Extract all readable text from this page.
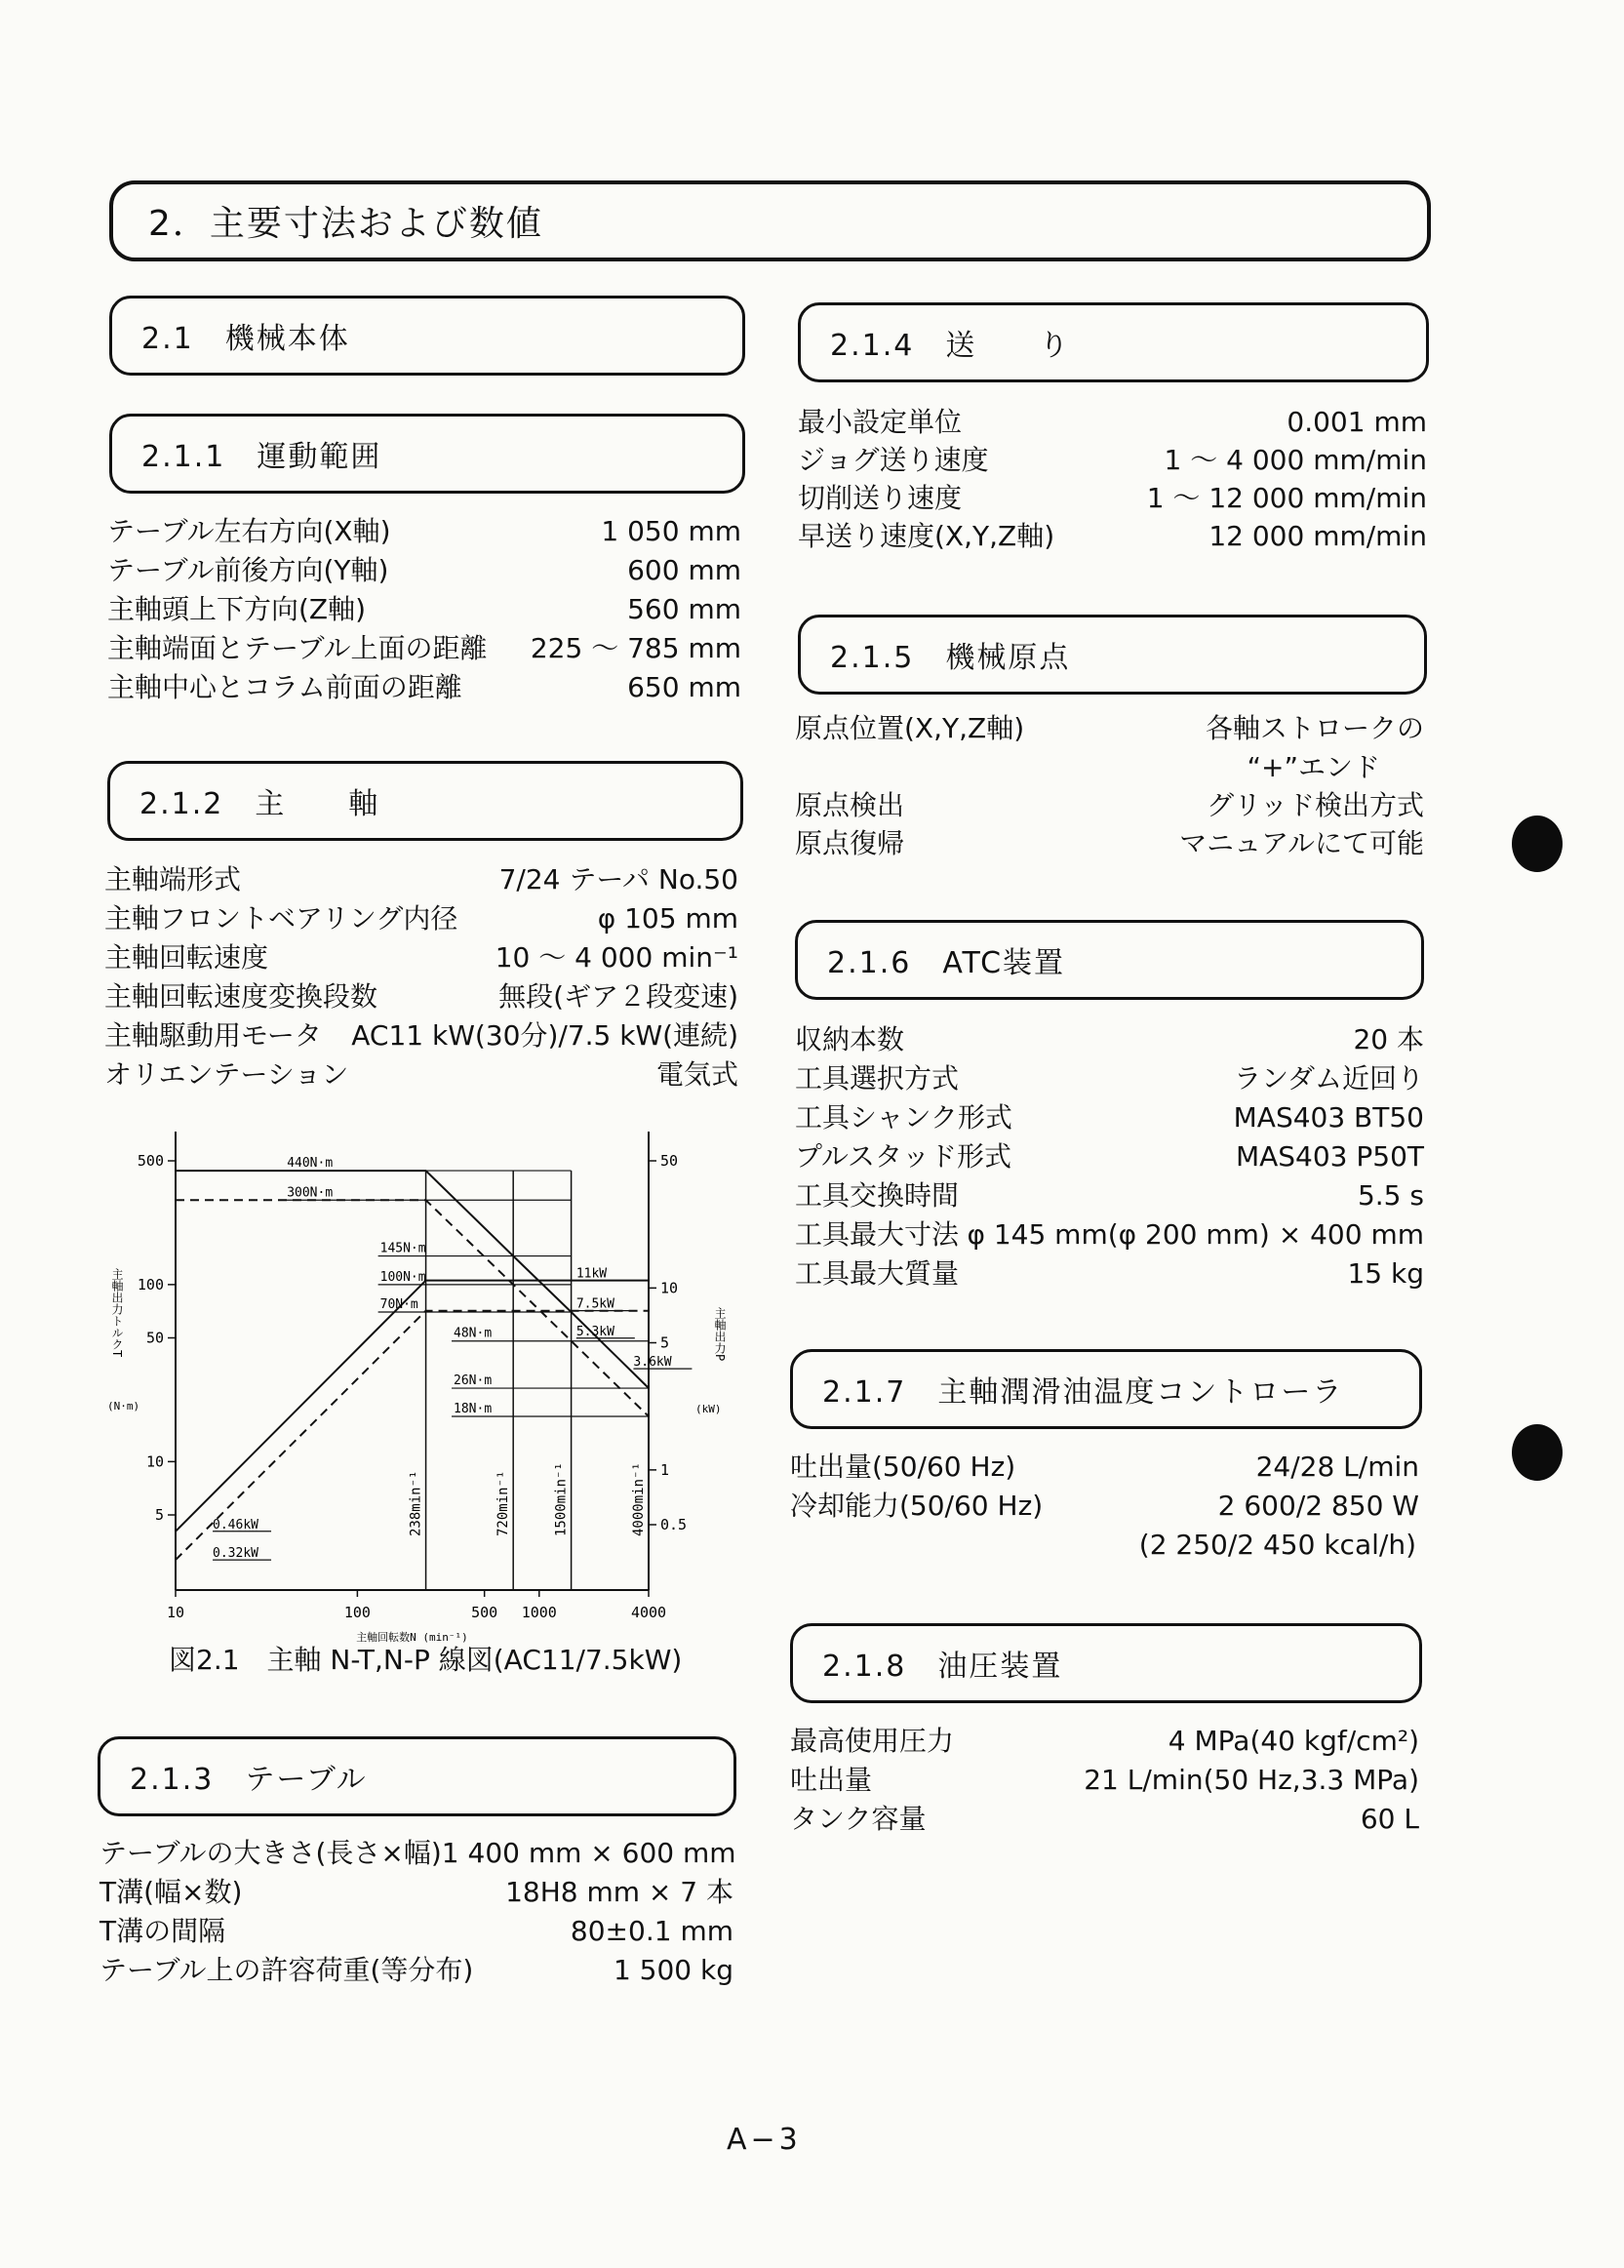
2．主要寸法および数値
2.1　機械本体
2.1.1　運動範囲
テーブル左右方向(X軸)	1 050 mm
テーブル前後方向(Y軸)	600 mm
主軸頭上下方向(Z軸)	560 mm
主軸端面とテーブル上面の距離 225 ～ 785 mm
主軸中心とコラム前面の距離	650 mm
2.1.2　主　　軸
主軸端形式	7/24 テーパ No.50
主軸フロントベアリング内径	φ 105 mm
主軸回転速度	10 ～ 4 000 min⁻¹
主軸回転速度変換段数	無段(ギア２段変速)
主軸駆動用モータ AC11 kW(30分)/7.5 kW(連続)
オリエンテーション	電気式
10	100	500 1000	4000
主軸回転数N (min⁻¹)
500
100
50
10
5
50
10
5
1
0.5
主軸出力トルクT
(N·m)
主軸出力P
(kW)
238min⁻¹	720min⁻¹	1500min⁻¹	4000min⁻¹
440N·m
300N·m
145N·m
100N·m
70N·m
48N·m
26N·m
18N·m
11kW
7.5kW
5.3kW
3.6kW
0.46kW
0.32kW
図2.1　主軸 N-T,N-P 線図(AC11/7.5kW)
2.1.3　テーブル
テーブルの大きさ(長さ×幅) 1 400 mm × 600 mm
T溝(幅×数)	18H8 mm × 7 本
T溝の間隔	80±0.1 mm
テーブル上の許容荷重(等分布)	1 500 kg
2.1.4　送　　り
最小設定単位	0.001 mm
ジョグ送り速度	1 ～ 4 000 mm/min
切削送り速度	1 ～ 12 000 mm/min
早送り速度(X,Y,Z軸)	12 000 mm/min
2.1.5　機械原点
原点位置(X,Y,Z軸)	各軸ストロークの
“+”エンド
原点検出	グリッド検出方式
原点復帰	マニュアルにて可能
2.1.6　ATC装置
収納本数	20 本
工具選択方式	ランダム近回り
工具シャンク形式	MAS403 BT50
プルスタッド形式	MAS403 P50T
工具交換時間	5.5 s
工具最大寸法 φ 145 mm(φ 200 mm) × 400 mm
工具最大質量	15 kg
2.1.7　主軸潤滑油温度コントローラ
吐出量(50/60 Hz)	24/28 L/min
冷却能力(50/60 Hz)	2 600/2 850 W
(2 250/2 450 kcal/h)
2.1.8　油圧装置
最高使用圧力	4 MPa(40 kgf/cm²)
吐出量	21 L/min(50 Hz,3.3 MPa)
タンク容量	60 L
A−3
